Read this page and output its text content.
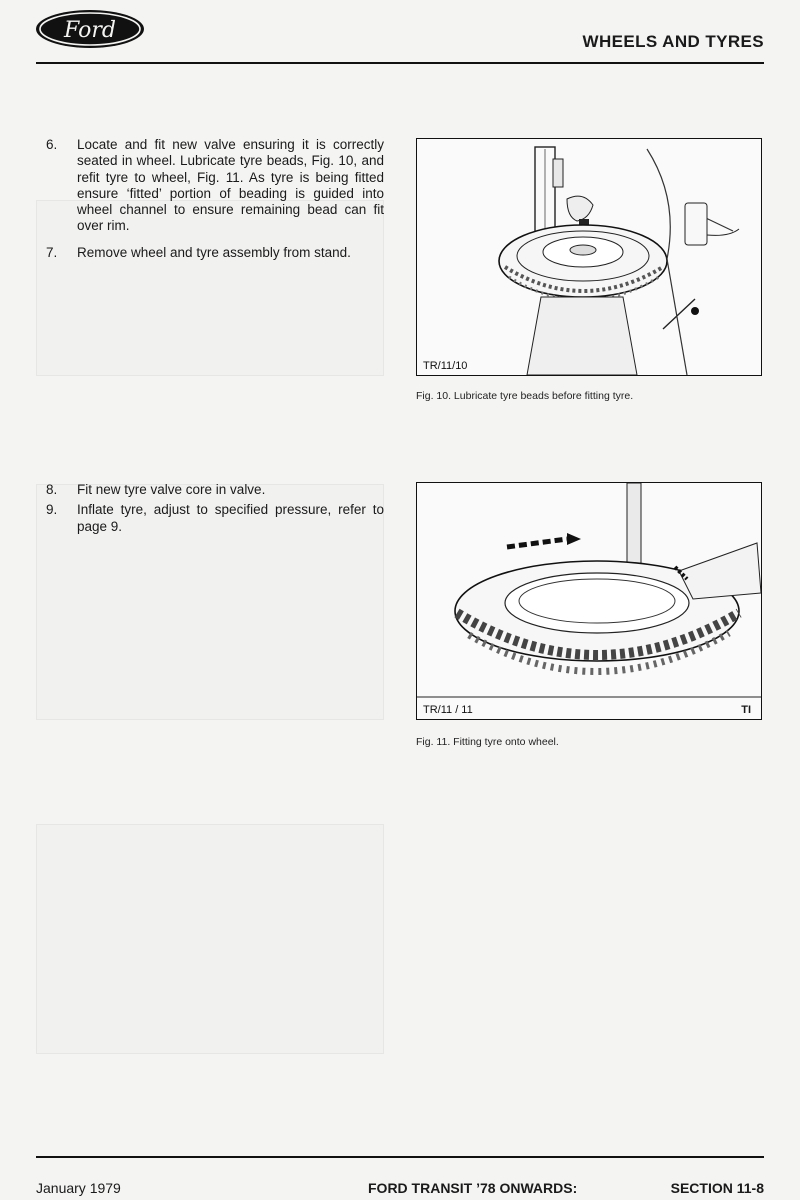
Ford	WHEELS AND TYRES
6.	Locate and fit new valve ensuring it is correctly seated in wheel. Lubricate tyre beads, Fig. 10, and refit tyre to wheel, Fig. 11. As tyre is being fitted ensure ‘fitted’ portion of beading is guided into wheel channel to ensure remaining bead can fit over rim.
7.	Remove wheel and tyre assembly from stand.
8.	Fit new tyre valve core in valve.
9.	Inflate tyre, adjust to specified pressure, refer to page 9.
TR/11/10
Fig. 10. Lubricate tyre beads before fitting tyre.
TR/11 / 11	TI
Fig. 11. Fitting tyre onto wheel.
January 1979	FORD TRANSIT ’78 ONWARDS:	SECTION 11-8
